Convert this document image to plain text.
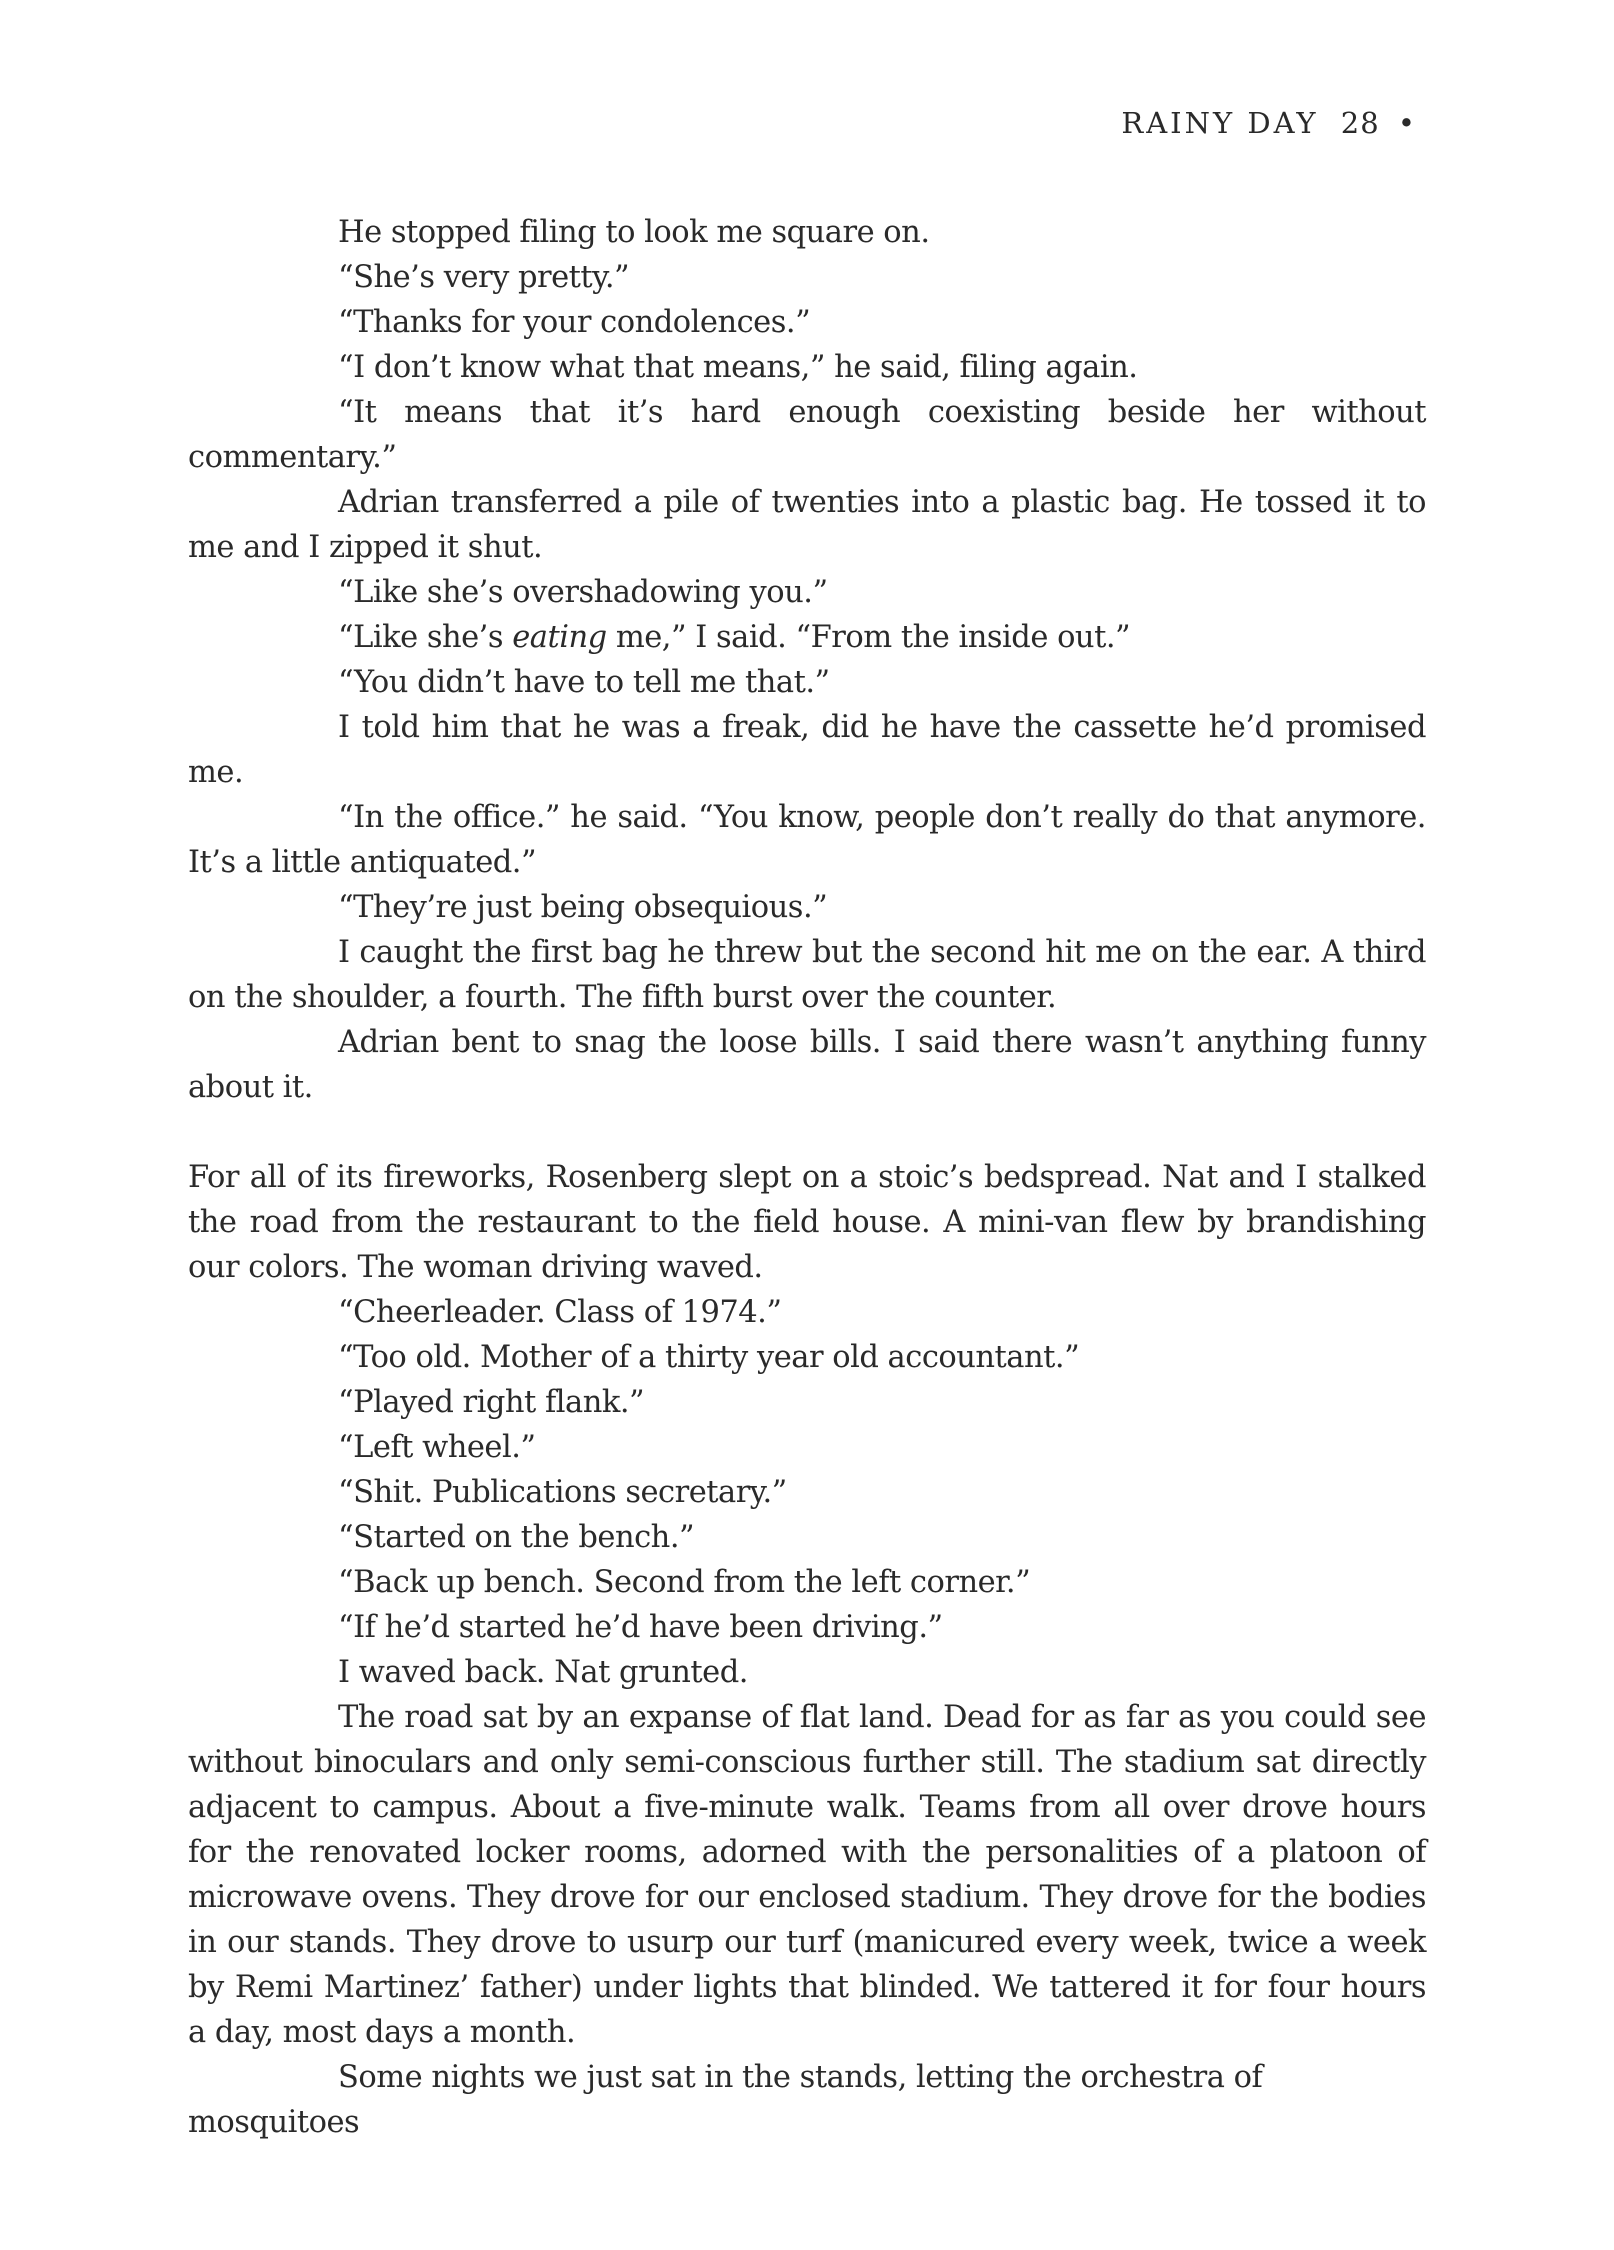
RAINY DAY 28 •

He stopped filing to look me square on.

“She’s very pretty.”

“Thanks for your condolences.”

“I don’t know what that means,” he said, filing again.

“It means that it’s hard enough coexisting beside her without commentary.”

Adrian transferred a pile of twenties into a plastic bag. He tossed it to me and I zipped it shut.

“Like she’s overshadowing you.”

“Like she’s eating me,” I said. “From the inside out.”

“You didn’t have to tell me that.”

I told him that he was a freak, did he have the cassette he’d promised me.

“In the office.” he said. “You know, people don’t really do that anymore. It’s a little antiquated.”

“They’re just being obsequious.”

I caught the first bag he threw but the second hit me on the ear. A third on the shoulder, a fourth. The fifth burst over the counter.

Adrian bent to snag the loose bills. I said there wasn’t anything funny about it.

For all of its fireworks, Rosenberg slept on a stoic’s bedspread. Nat and I stalked the road from the restaurant to the field house. A mini-van flew by brandishing our colors. The woman driving waved.

“Cheerleader. Class of 1974.”

“Too old. Mother of a thirty year old accountant.”

“Played right flank.”

“Left wheel.”

“Shit. Publications secretary.”

“Started on the bench.”

“Back up bench. Second from the left corner.”

“If he’d started he’d have been driving.”

I waved back. Nat grunted.

The road sat by an expanse of flat land. Dead for as far as you could see without binoculars and only semi-conscious further still. The stadium sat directly adjacent to campus. About a five-minute walk. Teams from all over drove hours for the renovated locker rooms, adorned with the personalities of a platoon of microwave ovens. They drove for our enclosed stadium. They drove for the bodies in our stands. They drove to usurp our turf (manicured every week, twice a week by Remi Martinez’ father) under lights that blinded. We tattered it for four hours a day, most days a month.

Some nights we just sat in the stands, letting the orchestra of mosquitoes
